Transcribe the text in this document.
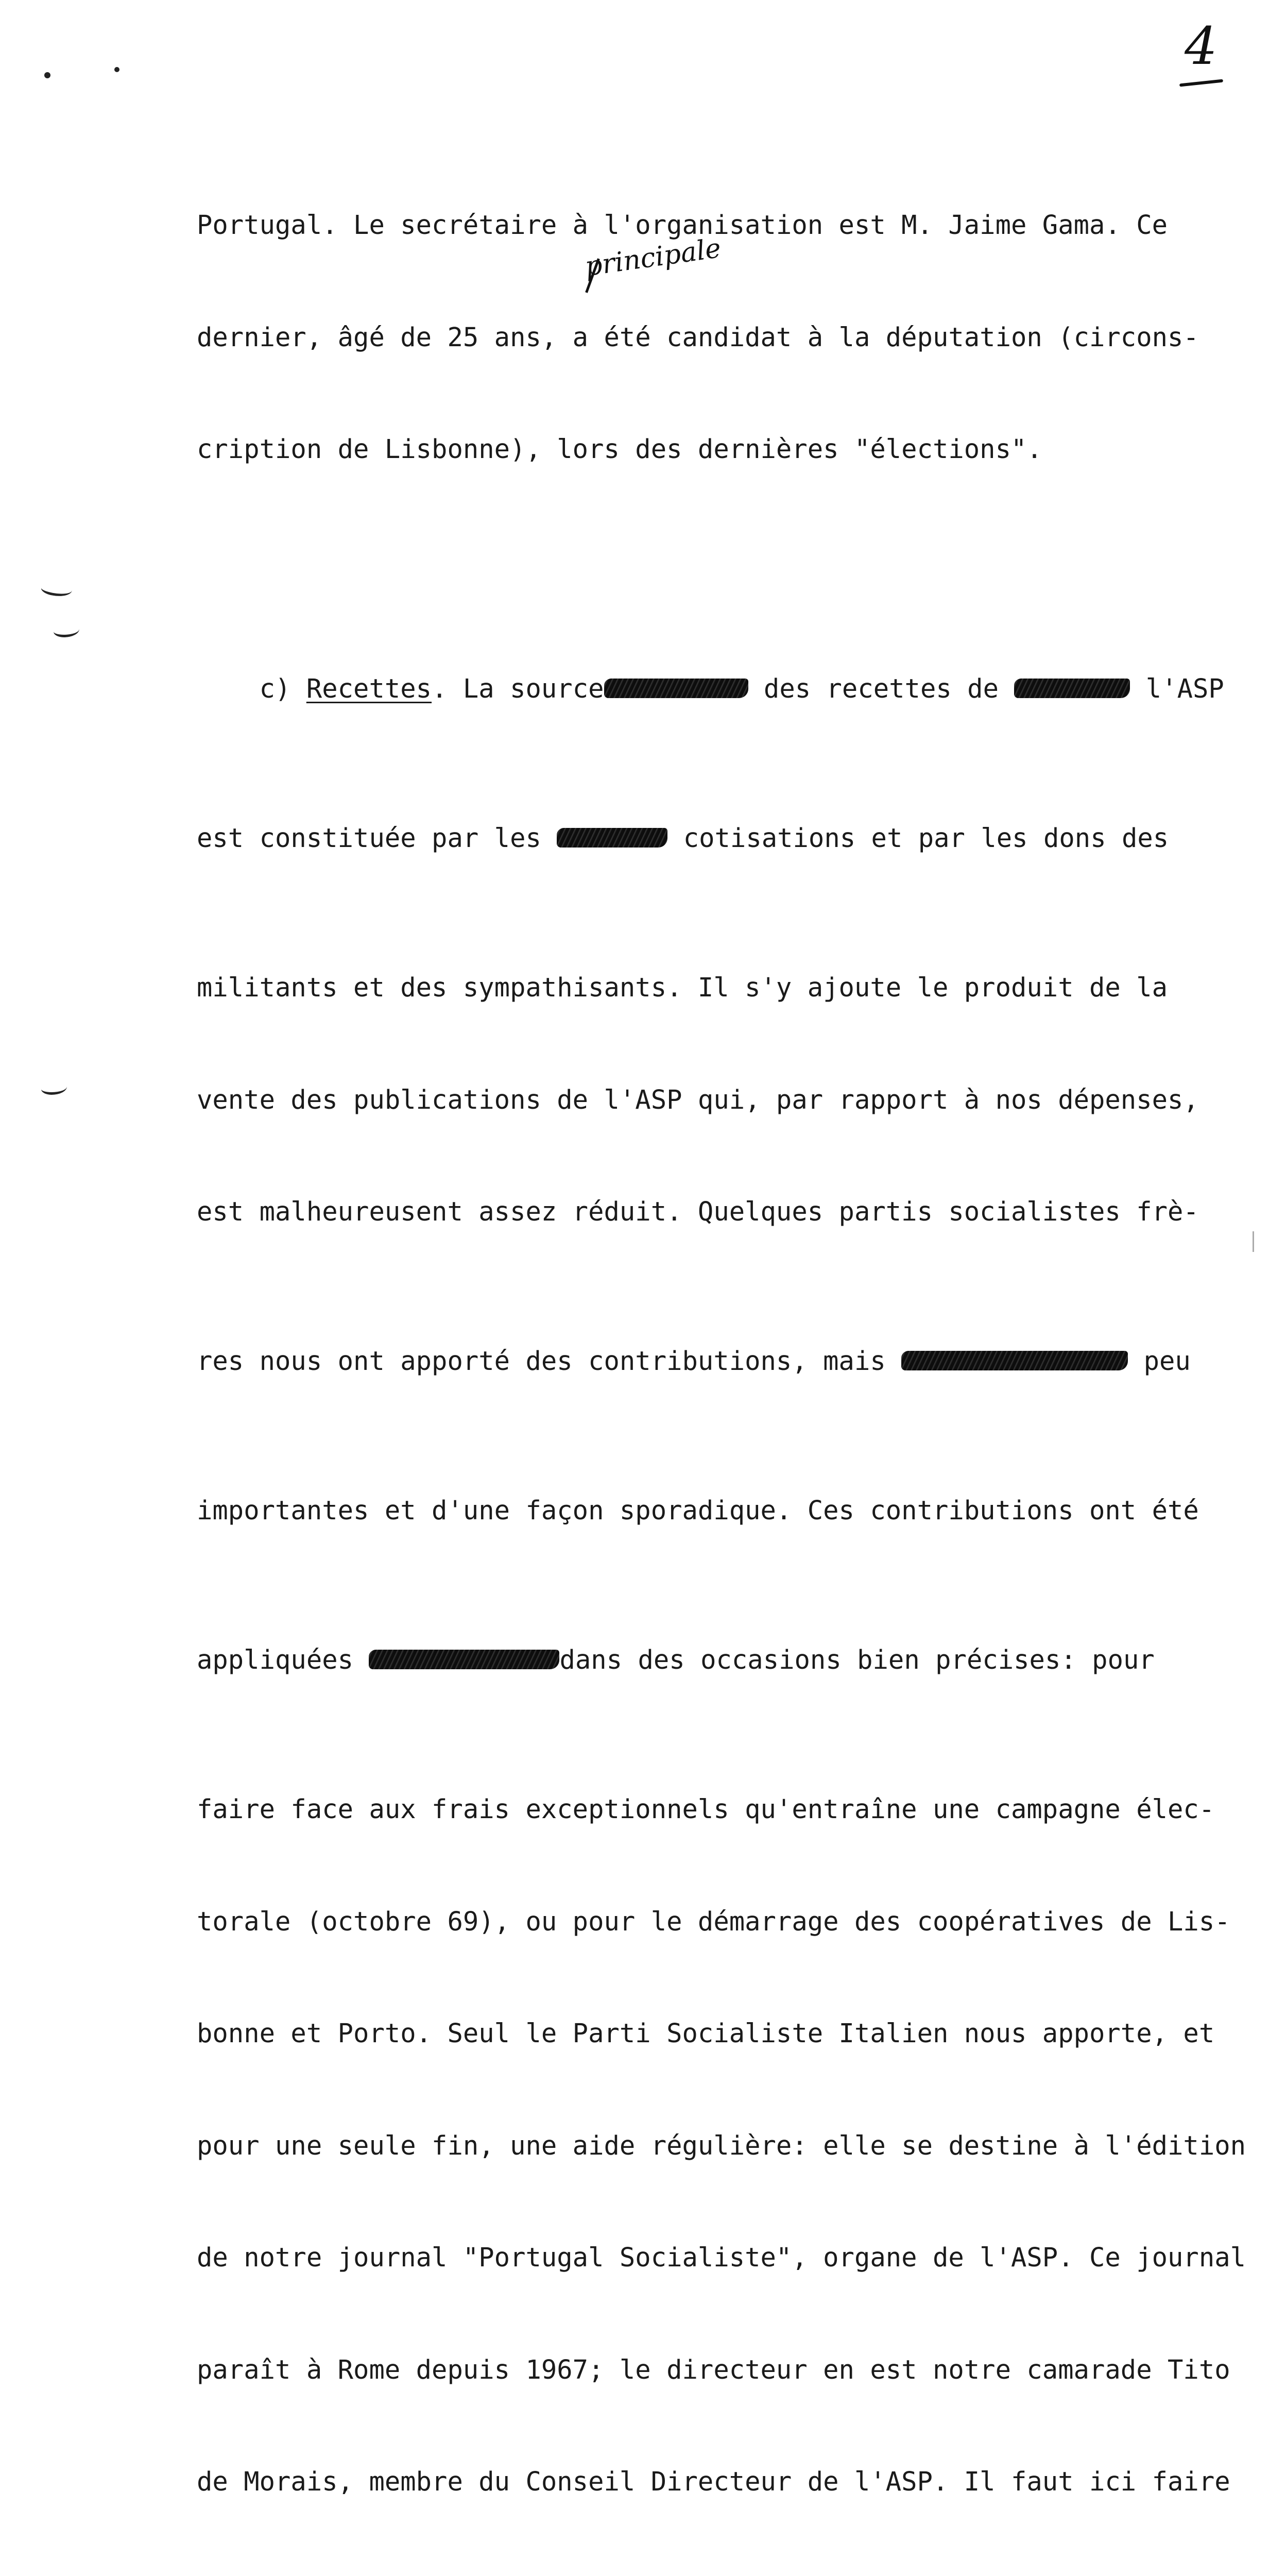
4
principale

Portugal. Le secrétaire à l'organisation est M. Jaime Gama. Ce

dernier, âgé de 25 ans, a été candidat à la députation (circons-

cription de Lisbonne), lors des dernières "élections".

c) Recettes. La source	des recettes de	l'ASP

est constituée par les	cotisations et par les dons des

militants et des sympathisants. Il s'y ajoute le produit de la

vente des publications de l'ASP qui, par rapport à nos dépenses,

est malheureusent assez réduit. Quelques partis socialistes frè-

res nous ont apporté des contributions, mais	peu

importantes et d'une façon sporadique. Ces contributions ont été

appliquées	dans des occasions bien précises: pour

faire face aux frais exceptionnels qu'entraîne une campagne élec-

torale (octobre 69), ou pour le démarrage des coopératives de Lis-

bonne et Porto. Seul le Parti Socialiste Italien nous apporte, et

pour une seule fin, une aide régulière: elle se destine à l'édition

de notre journal "Portugal Socialiste", organe de l'ASP. Ce journal

paraît à Rome depuis 1967; le directeur en est notre camarade Tito

de Morais, membre du Conseil Directeur de l'ASP. Il faut ici faire
